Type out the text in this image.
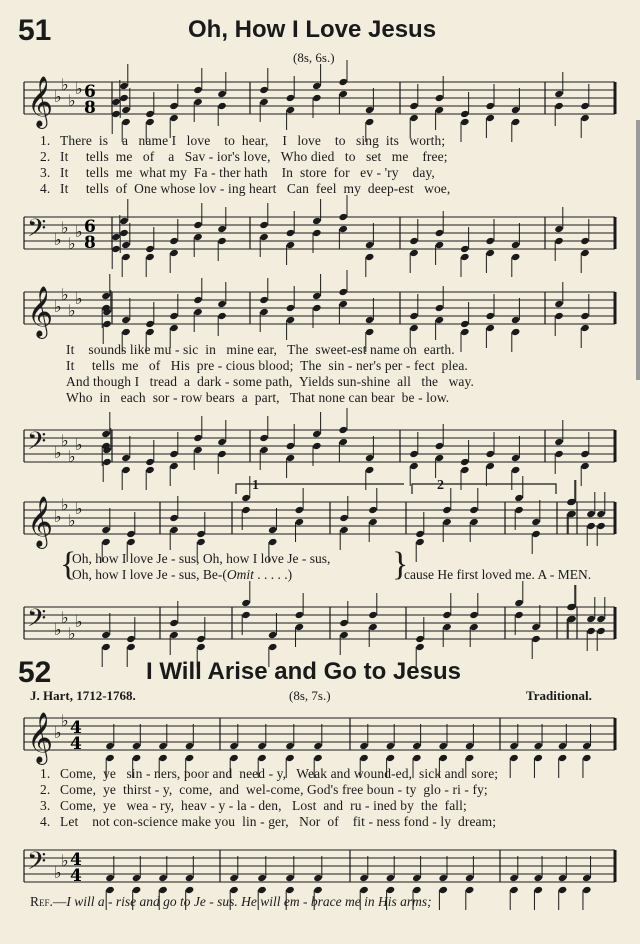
51	Oh, How I Love Jesus
(8s, 6s.)
𝄞 ♭
♭
♭
♭ 6
8
1. There  is    a   name I   love    to  hear,    I   love    to   sing  its   worth;
2. It     tells  me   of    a   Sav - ior's love,   Who died   to   set   me    free;
3. It     tells  me  what my  Fa - ther hath    In  store  for   ev - 'ry    day,
4. It     tells  of  One whose lov - ing heart   Can  feel  my  deep-est   woe,
𝄢 ♭
♭
♭
♭ 6
8
𝄞 ♭
♭
♭
♭
It    sounds like mu - sic  in   mine ear,   The  sweet-est name on  earth.
It     tells  me   of   His  pre - cious blood;  The  sin - ner's per - fect  plea.
And though I   tread  a  dark - some path,  Yields sun-shine  all   the   way.
Who  in   each  sor - row bears  a  part,   That none can bear  be - low.
𝄢 ♭
♭
♭
♭
𝄞 ♭
♭
♭
♭
1	2
{
Oh, how I love Je - sus, Oh, how I love Je - sus,
Oh, how I love Je - sus, Be-(Omit . . . . .)	}
cause He first loved me. A - MEN.
𝄢 ♭
♭
♭
♭
52	I Will Arise and Go to Jesus
J. Hart, 1712-1768.	(8s, 7s.)	Traditional.
𝄞 ♭
♭ 4
4
1. Come,  ye   sin - ners, poor and  need - y,   Weak and wound-ed,  sick and  sore;
2. Come,  ye  thirst - y,  come,  and  wel-come, God's free boun - ty  glo - ri - fy;
3. Come,  ye   wea - ry,  heav - y - la - den,   Lost  and  ru - ined by  the  fall;
4. Let    not con-science make you  lin - ger,   Nor  of    fit - ness fond - ly  dream;
𝄢 ♭
♭ 4
4
Ref.—I will a - rise and go to Je - sus. He will em - brace me in His arms;
